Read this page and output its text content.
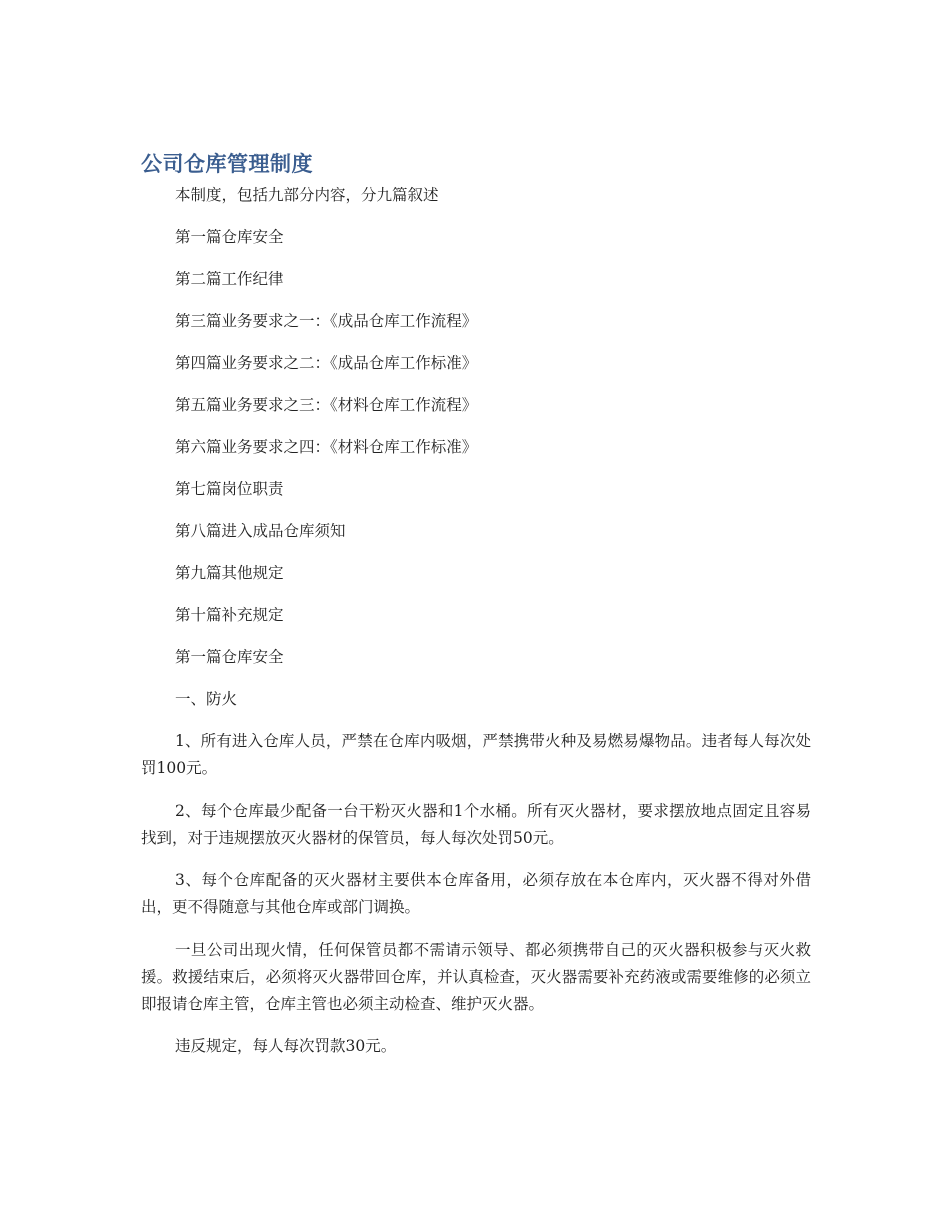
公司仓库管理制度

本制度，包括九部分内容，分九篇叙述

第一篇仓库安全

第二篇工作纪律

第三篇业务要求之一：《成品仓库工作流程》

第四篇业务要求之二：《成品仓库工作标准》

第五篇业务要求之三：《材料仓库工作流程》

第六篇业务要求之四：《材料仓库工作标准》

第七篇岗位职责

第八篇进入成品仓库须知

第九篇其他规定

第十篇补充规定

第一篇仓库安全

一、防火

1、所有进入仓库人员，严禁在仓库内吸烟，严禁携带火种及易燃易爆物品。违者每人每次处罚100元。

2、每个仓库最少配备一台干粉灭火器和1个水桶。所有灭火器材，要求摆放地点固定且容易找到，对于违规摆放灭火器材的保管员，每人每次处罚50元。

3、每个仓库配备的灭火器材主要供本仓库备用，必须存放在本仓库内，灭火器不得对外借出，更不得随意与其他仓库或部门调换。

一旦公司出现火情，任何保管员都不需请示领导、都必须携带自己的灭火器积极参与灭火救援。救援结束后，必须将灭火器带回仓库，并认真检查，灭火器需要补充药液或需要维修的必须立即报请仓库主管，仓库主管也必须主动检查、维护灭火器。

违反规定，每人每次罚款30元。
